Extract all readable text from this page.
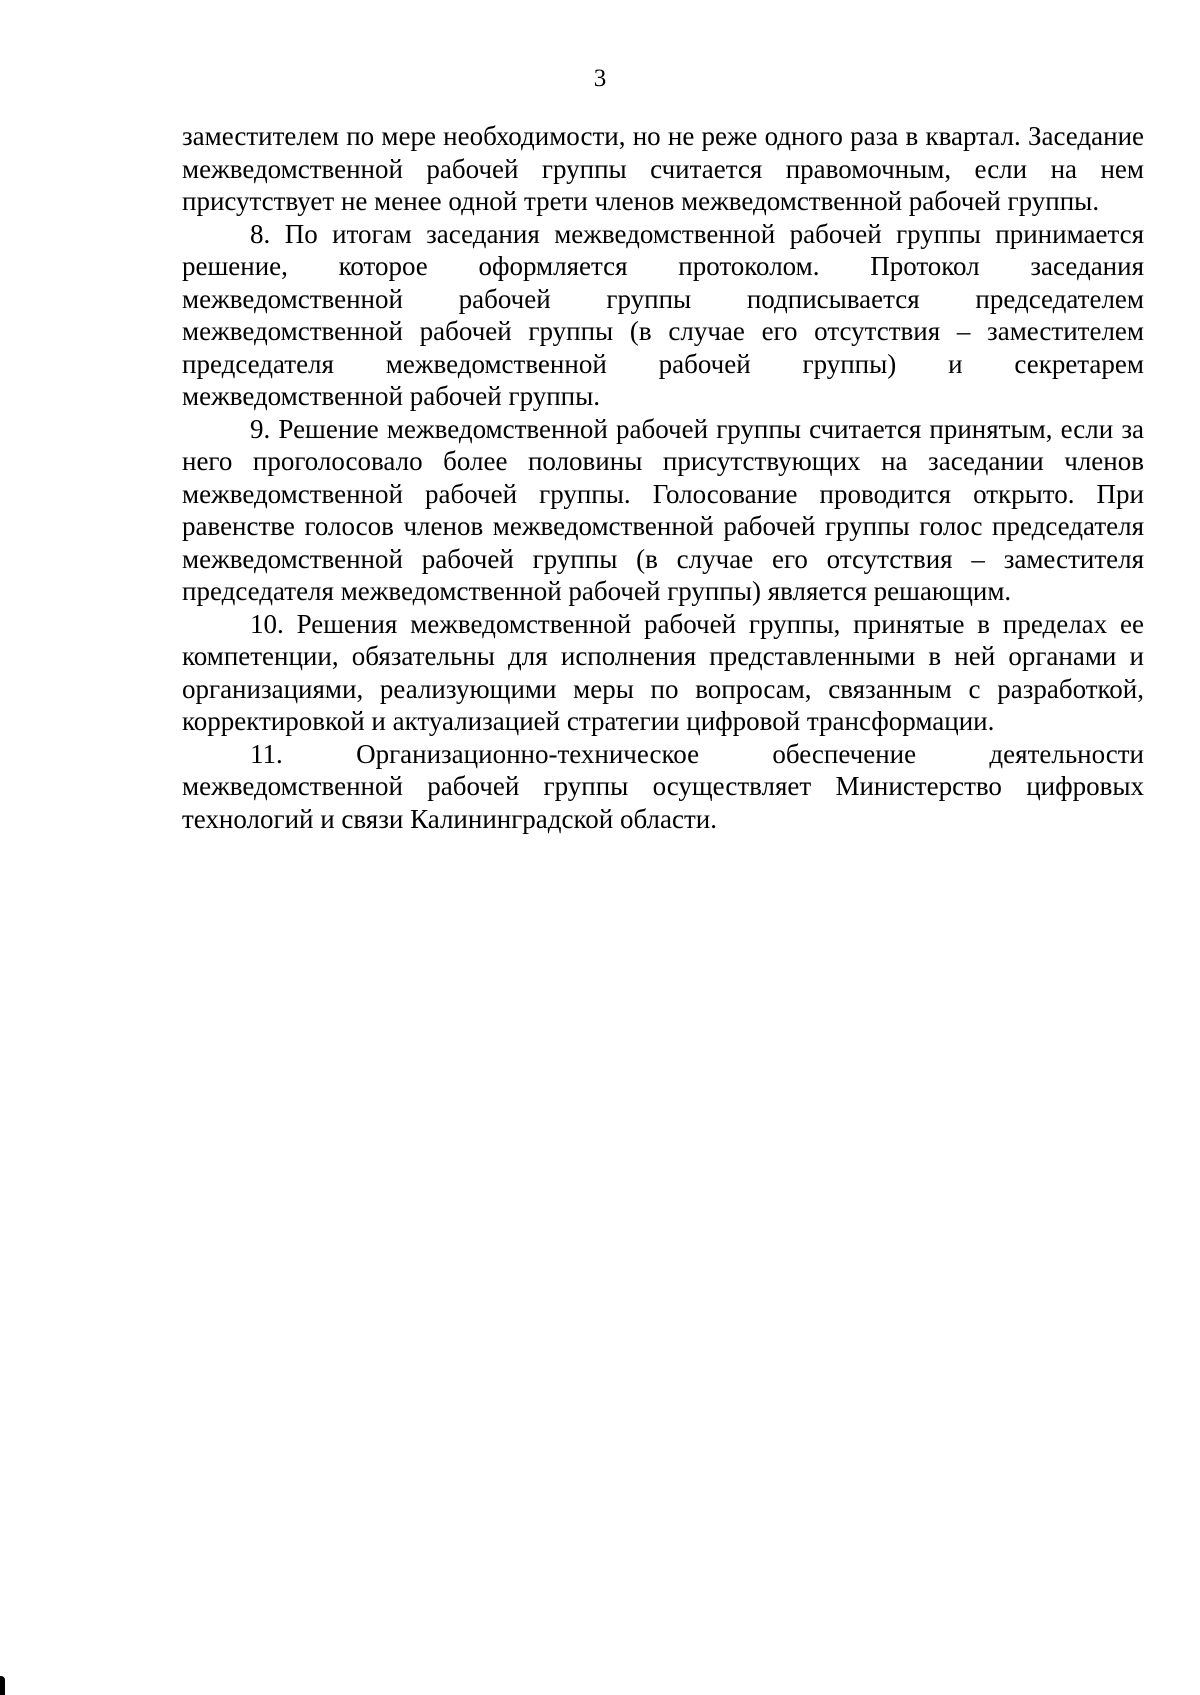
3

заместителем по мере необходимости, но не реже одного раза в квартал. Заседание межведомственной рабочей группы считается правомочным, если на нем присутствует не менее одной трети членов межведомственной рабочей группы.

8. По итогам заседания межведомственной рабочей группы принимается решение, которое оформляется протоколом. Протокол заседания межведомственной рабочей группы подписывается председателем межведомственной рабочей группы (в случае его отсутствия – заместителем председателя межведомственной рабочей группы) и секретарем межведомственной рабочей группы.

9. Решение межведомственной рабочей группы считается принятым, если за него проголосовало более половины присутствующих на заседании членов межведомственной рабочей группы. Голосование проводится открыто. При равенстве голосов членов межведомственной рабочей группы голос председателя межведомственной рабочей группы (в случае его отсутствия – заместителя председателя межведомственной рабочей группы) является решающим.

10. Решения межведомственной рабочей группы, принятые в пределах ее компетенции, обязательны для исполнения представленными в ней органами и организациями, реализующими меры по вопросам, связанным с разработкой, корректировкой и актуализацией стратегии цифровой трансформации.

11. Организационно-техническое обеспечение деятельности межведомственной рабочей группы осуществляет Министерство цифровых технологий и связи Калининградской области.
